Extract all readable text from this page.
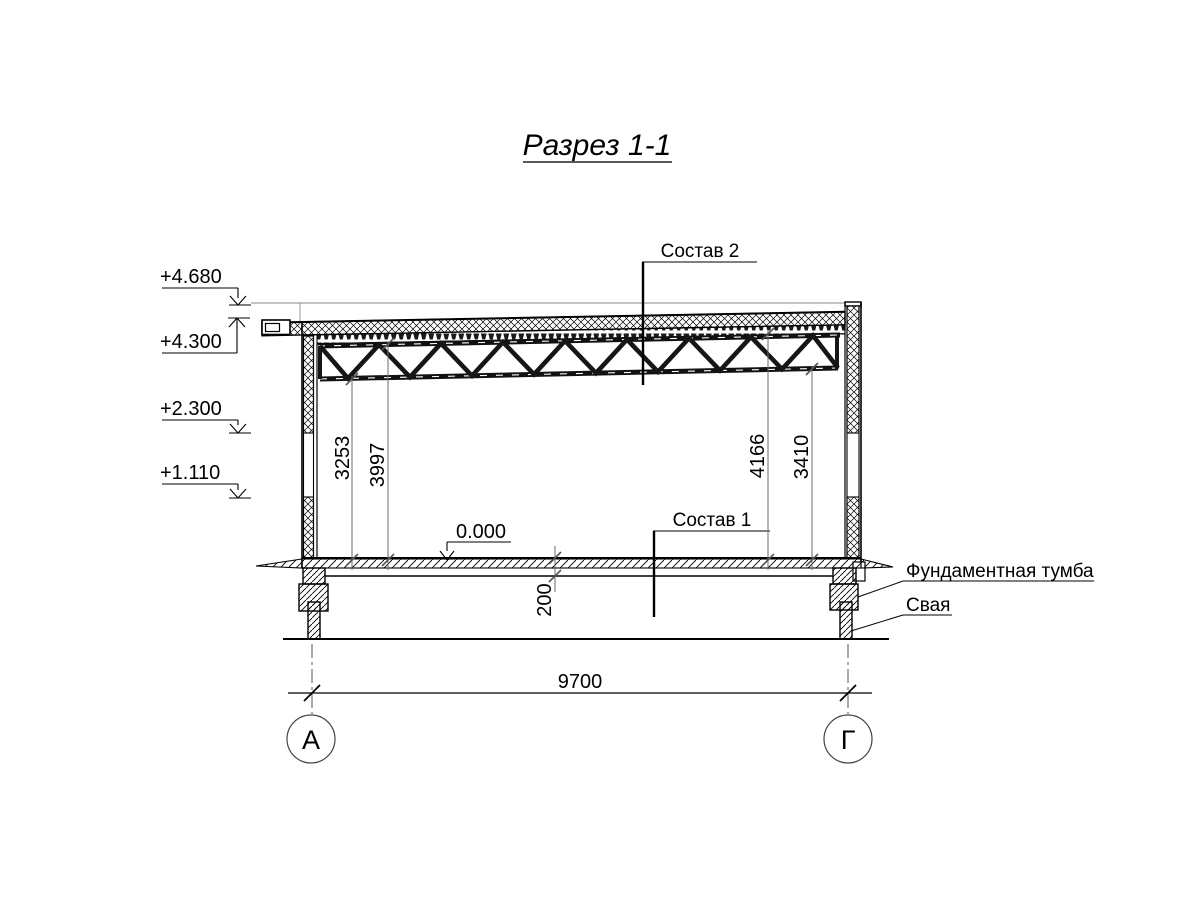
Разрез 1-1
+4.680
+4.300
+2.300
+1.110
0.000
Состав 2
Состав 1
Фундаментная тумба
Свая
3253 3997	4166 3410
200
9700
А	Г
